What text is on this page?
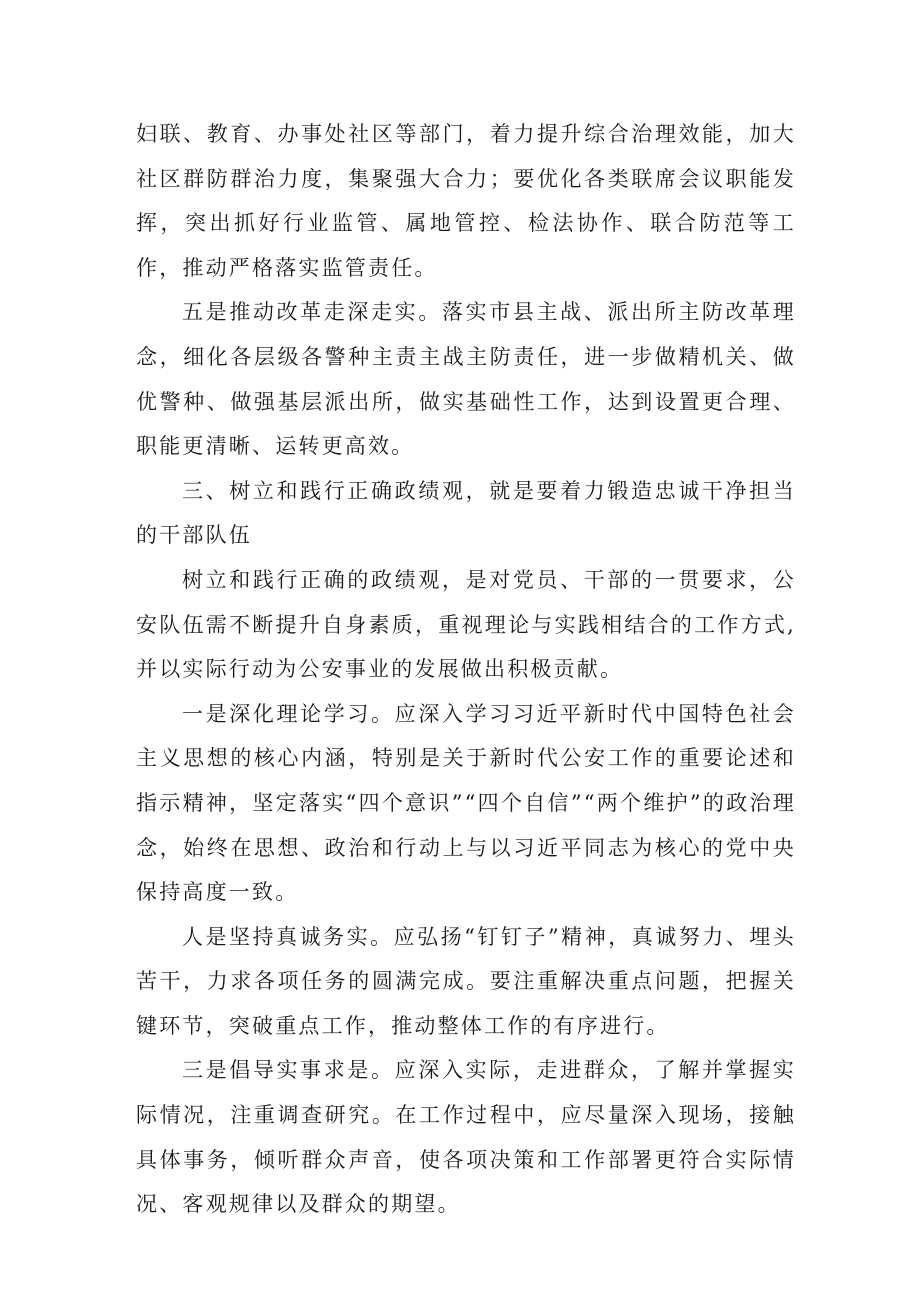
妇联、教育、办事处社区等部门，着力提升综合治理效能，加大社区群防群治力度，集聚强大合力；要优化各类联席会议职能发挥，突出抓好行业监管、属地管控、检法协作、联合防范等工作，推动严格落实监管责任。

五是推动改革走深走实。落实市县主战、派出所主防改革理念，细化各层级各警种主责主战主防责任，进一步做精机关、做优警种、做强基层派出所，做实基础性工作，达到设置更合理、职能更清晰、运转更高效。

三、树立和践行正确政绩观，就是要着力锻造忠诚干净担当的干部队伍

树立和践行正确的政绩观，是对党员、干部的一贯要求，公安队伍需不断提升自身素质，重视理论与实践相结合的工作方式,并以实际行动为公安事业的发展做出积极贡献。

一是深化理论学习。应深入学习习近平新时代中国特色社会主义思想的核心内涵，特别是关于新时代公安工作的重要论述和指示精神，坚定落实“四个意识”“四个自信”“两个维护”的政治理念，始终在思想、政治和行动上与以习近平同志为核心的党中央保持高度一致。

人是坚持真诚务实。应弘扬“钉钉子”精神，真诚努力、埋头苦干，力求各项任务的圆满完成。要注重解决重点问题，把握关键环节，突破重点工作，推动整体工作的有序进行。

三是倡导实事求是。应深入实际，走进群众，了解并掌握实际情况，注重调查研究。在工作过程中，应尽量深入现场，接触具体事务，倾听群众声音，使各项决策和工作部署更符合实际情况、客观规律以及群众的期望。
